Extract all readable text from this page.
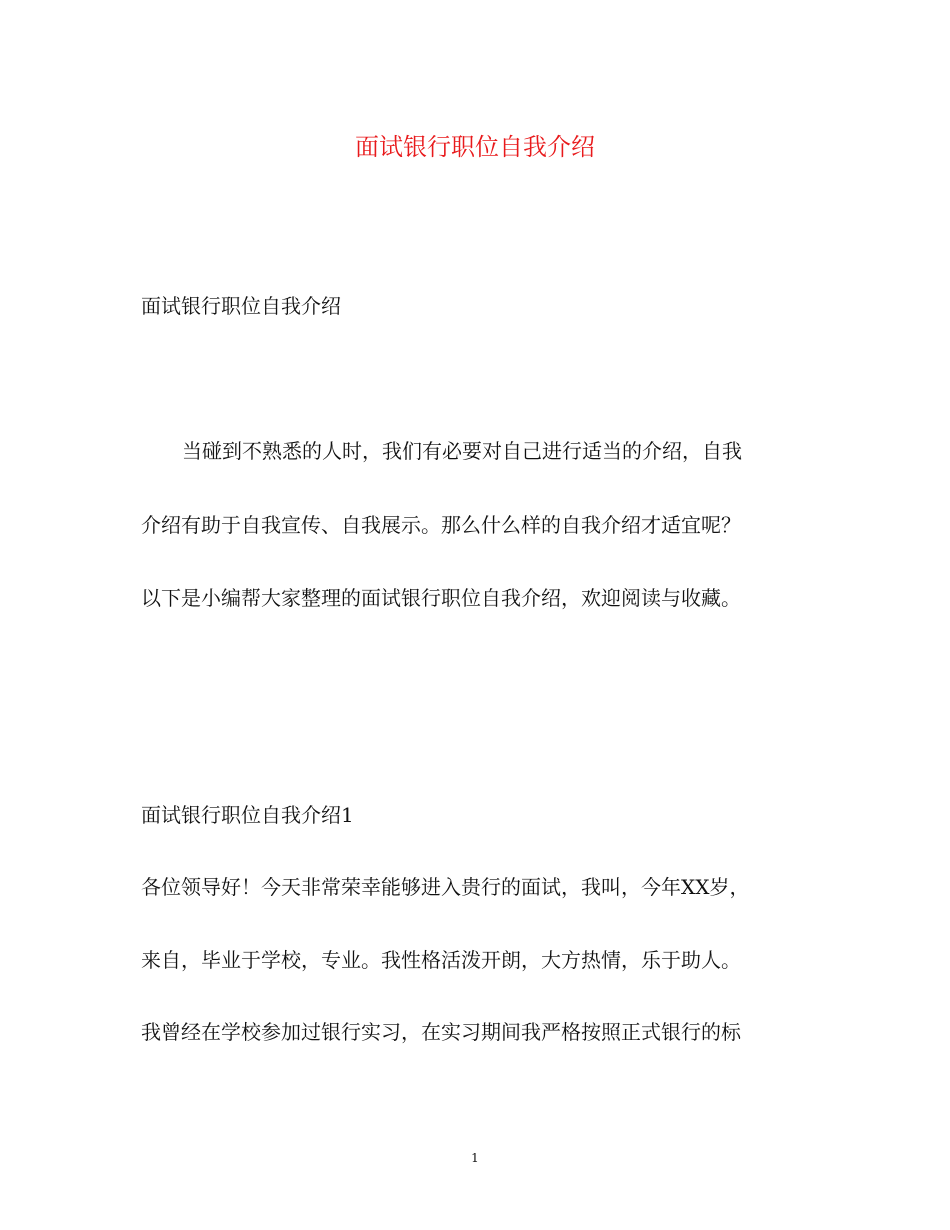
面试银行职位自我介绍
面试银行职位自我介绍
当碰到不熟悉的人时，我们有必要对自己进行适当的介绍，自我
介绍有助于自我宣传、自我展示。那么什么样的自我介绍才适宜呢？
以下是小编帮大家整理的面试银行职位自我介绍，欢迎阅读与收藏。
面试银行职位自我介绍1
各位领导好！今天非常荣幸能够进入贵行的面试，我叫，今年XX岁，
来自，毕业于学校，专业。我性格活泼开朗，大方热情，乐于助人。
我曾经在学校参加过银行实习，在实习期间我严格按照正式银行的标
1
